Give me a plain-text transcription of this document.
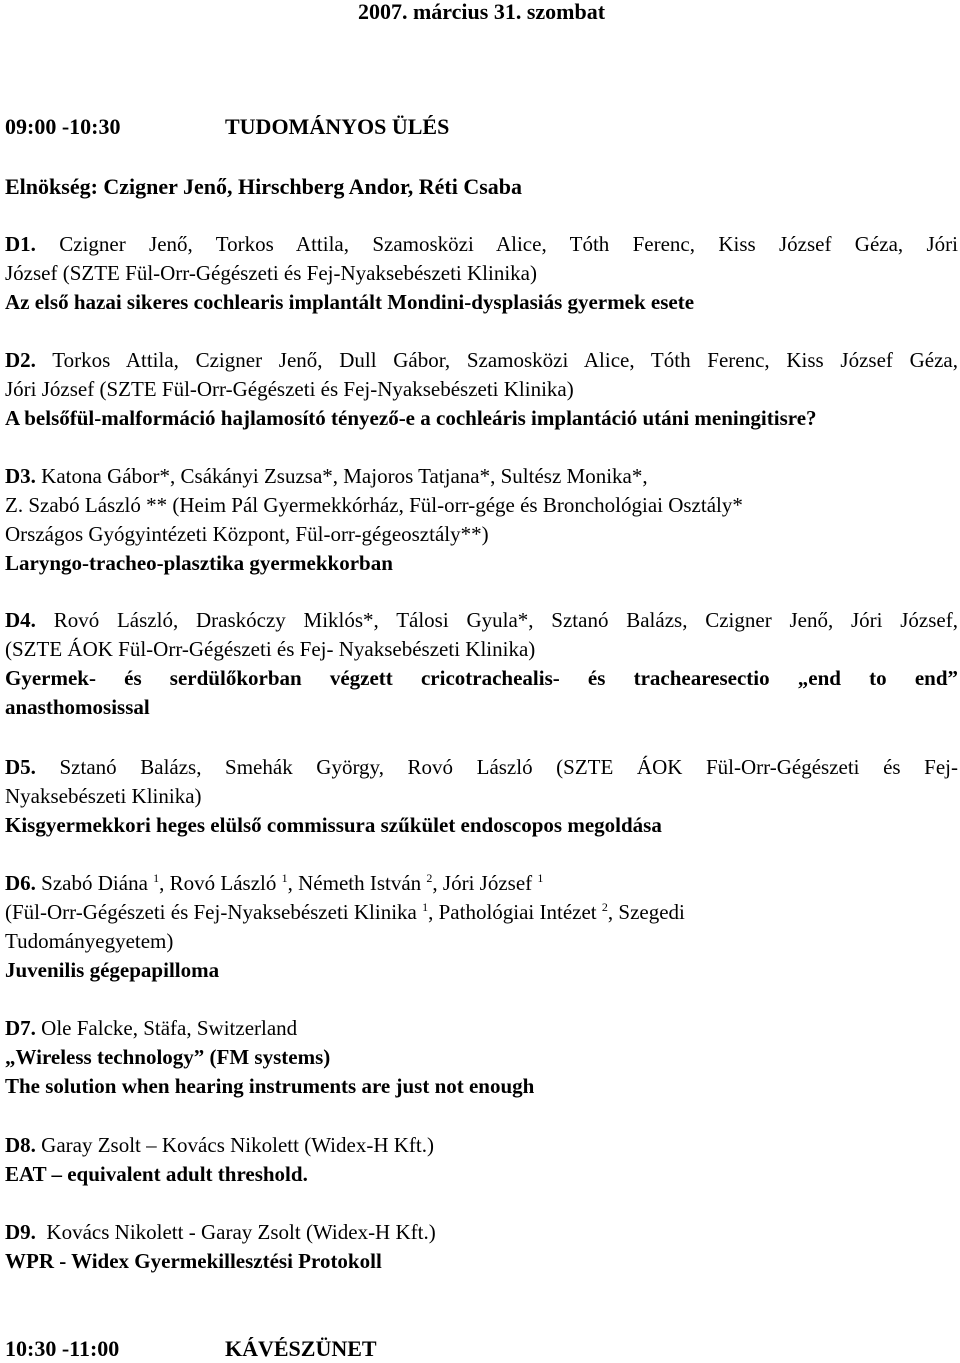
2007. március 31. szombat
09:00 -10:30	TUDOMÁNYOS ÜLÉS
Elnökség: Czigner Jenő, Hirschberg Andor, Réti Csaba

D1. Czigner Jenő, Torkos Attila, Szamosközi Alice, Tóth Ferenc, Kiss József Géza, Jóri

József (SZTE Fül-Orr-Gégészeti és Fej-Nyaksebészeti Klinika)

Az első hazai sikeres cochlearis implantált Mondini-dysplasiás gyermek esete

D2. Torkos Attila, Czigner Jenő, Dull Gábor, Szamosközi Alice, Tóth Ferenc, Kiss József Géza,

Jóri József (SZTE Fül-Orr-Gégészeti és Fej-Nyaksebészeti Klinika)

A belsőfül-malformáció hajlamosító tényező-e a cochleáris implantáció utáni meningitisre?

D3. Katona Gábor*, Csákányi Zsuzsa*, Majoros Tatjana*, Sultész Monika*,

Z. Szabó László ** (Heim Pál Gyermekkórház, Fül-orr-gége és Bronchológiai Osztály*

Országos Gyógyintézeti Központ, Fül-orr-gégeosztály**)

Laryngo-tracheo-plasztika gyermekkorban

D4. Rovó László, Draskóczy Miklós*, Tálosi Gyula*, Sztanó Balázs, Czigner Jenő, Jóri József,

(SZTE ÁOK Fül-Orr-Gégészeti és Fej- Nyaksebészeti Klinika)

Gyermek- és serdülőkorban végzett cricotrachealis- és trachearesectio „end to end”

anasthomosissal

D5. Sztanó Balázs, Smehák György, Rovó László (SZTE ÁOK Fül-Orr-Gégészeti és Fej-

Nyaksebészeti Klinika)

Kisgyermekkori heges elülső commissura szűkület endoscopos megoldása

D6. Szabó Diána $^1$, Rovó László $^1$, Németh István $^2$, Jóri József $^1$

(Fül-Orr-Gégészeti és Fej-Nyaksebészeti Klinika $^1$, Pathológiai Intézet $^2$, Szegedi

Tudományegyetem)

Juvenilis gégepapilloma

D7. Ole Falcke, Stäfa, Switzerland

„Wireless technology” (FM systems)

The solution when hearing instruments are just not enough

D8. Garay Zsolt – Kovács Nikolett (Widex-H Kft.)

EAT – equivalent adult threshold.

D9.  Kovács Nikolett - Garay Zsolt (Widex-H Kft.)

WPR - Widex Gyermekillesztési Protokoll

10:30 -11:00	KÁVÉSZÜNET
